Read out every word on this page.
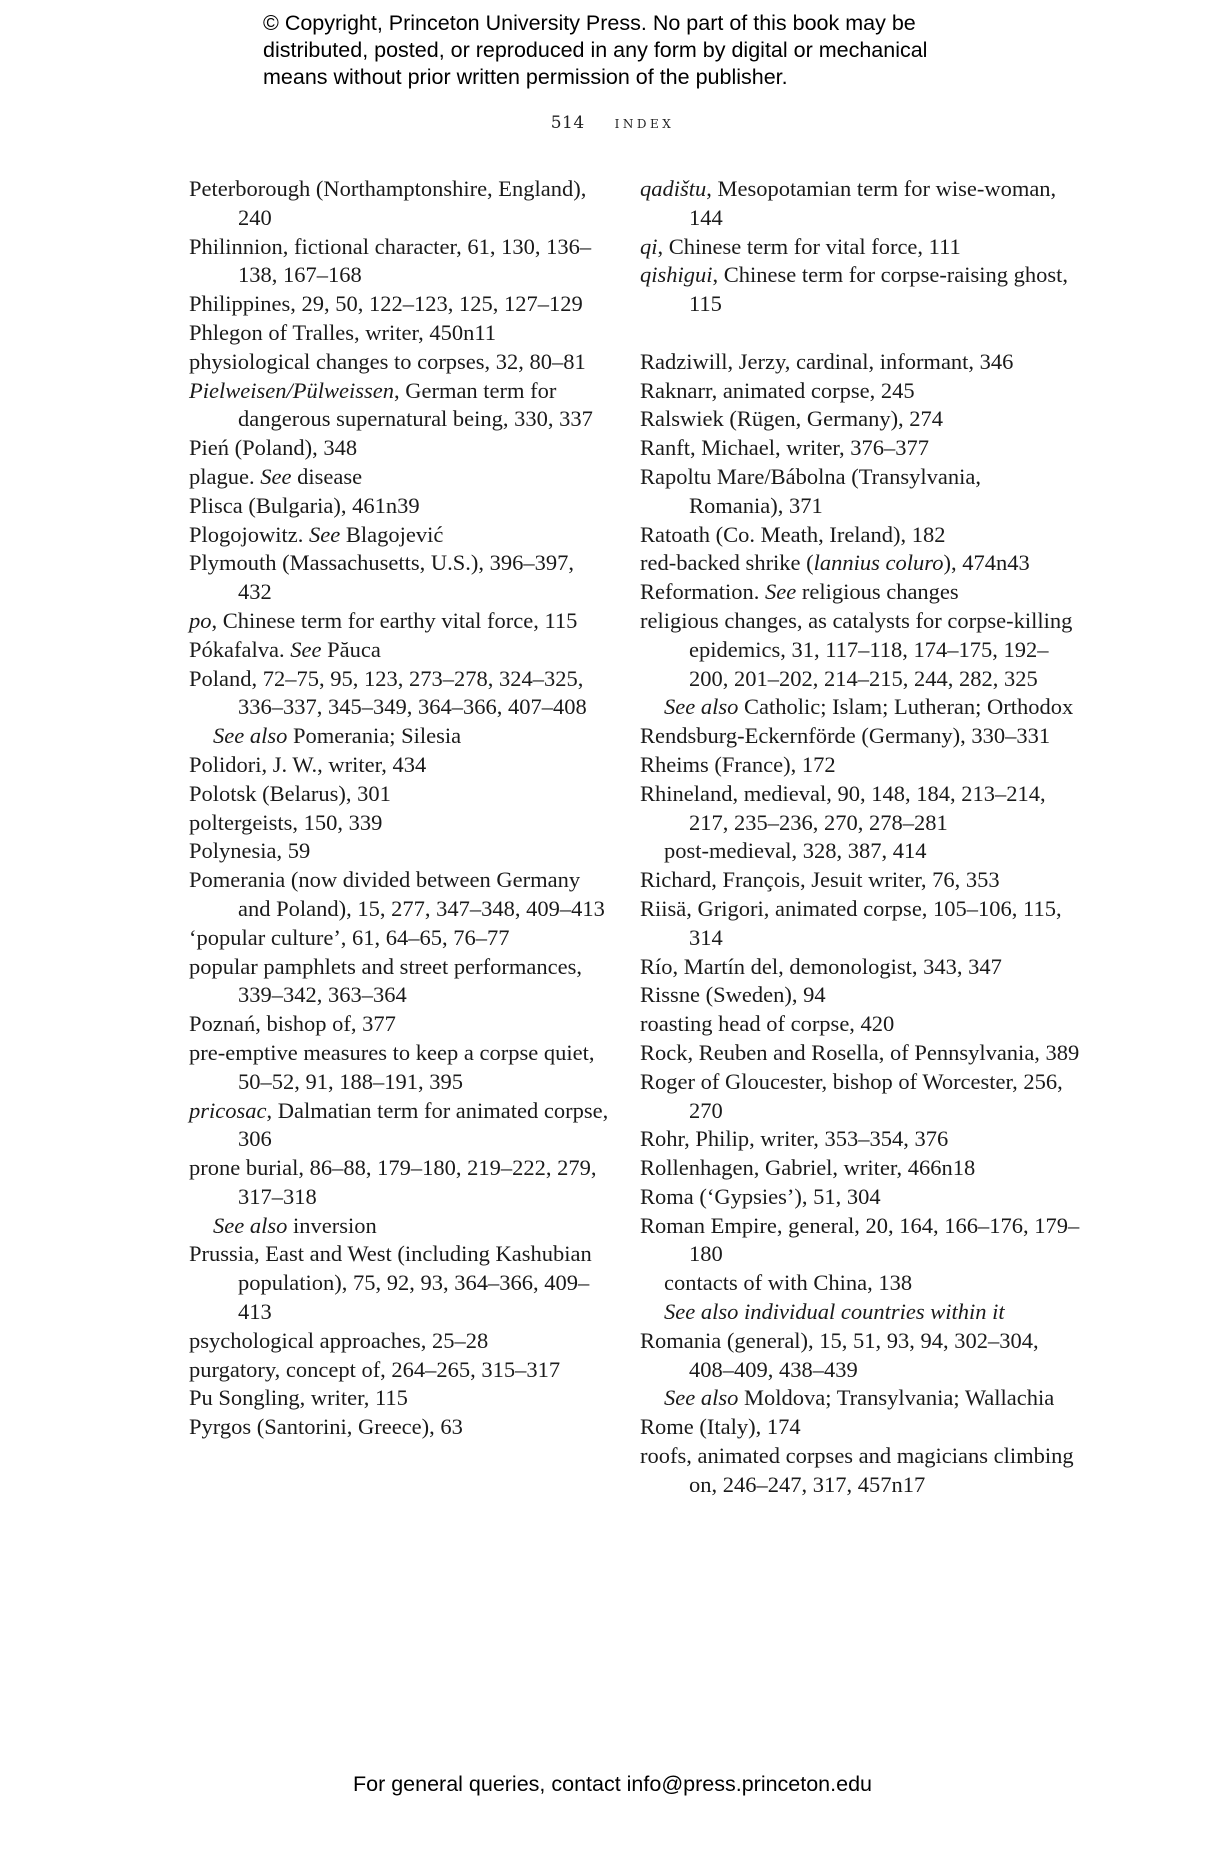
© Copyright, Princeton University Press. No part of this book may be
distributed, posted, or reproduced in any form by digital or mechanical
means without prior written permission of the publisher.
514 index
Peterborough (Northamptonshire, England), 240
Philinnion, fictional character, 61, 130, 136–138, 167–168
Philippines, 29, 50, 122–123, 125, 127–129
Phlegon of Tralles, writer, 450n11
physiological changes to corpses, 32, 80–81
Pielweisen/Pülweissen, German term for dangerous supernatural being, 330, 337
Pień (Poland), 348
plague. See disease
Plisca (Bulgaria), 461n39
Plogojowitz. See Blagojević
Plymouth (Massachusetts, U.S.), 396–397, 432
po, Chinese term for earthy vital force, 115
Pókafalva. See Păuca
Poland, 72–75, 95, 123, 273–278, 324–325, 336–337, 345–349, 364–366, 407–408
See also Pomerania; Silesia
Polidori, J. W., writer, 434
Polotsk (Belarus), 301
poltergeists, 150, 339
Polynesia, 59
Pomerania (now divided between Germany and Poland), 15, 277, 347–348, 409–413
‘popular culture’, 61, 64–65, 76–77
popular pamphlets and street performances, 339–342, 363–364
Poznań, bishop of, 377
pre-emptive measures to keep a corpse quiet, 50–52, 91, 188–191, 395
pricosac, Dalmatian term for animated corpse, 306
prone burial, 86–88, 179–180, 219–222, 279, 317–318
See also inversion
Prussia, East and West (including Kashubian population), 75, 92, 93, 364–366, 409–413
psychological approaches, 25–28
purgatory, concept of, 264–265, 315–317
Pu Songling, writer, 115
Pyrgos (Santorini, Greece), 63
qadištu, Mesopotamian term for wise-woman, 144
qi, Chinese term for vital force, 111
qishigui, Chinese term for corpse-raising ghost, 115
Radziwill, Jerzy, cardinal, informant, 346
Raknarr, animated corpse, 245
Ralswiek (Rügen, Germany), 274
Ranft, Michael, writer, 376–377
Rapoltu Mare/Bábolna (Transylvania, Romania), 371
Ratoath (Co. Meath, Ireland), 182
red-backed shrike (lannius coluro), 474n43
Reformation. See religious changes
religious changes, as catalysts for corpse-killing epidemics, 31, 117–118, 174–175, 192–200, 201–202, 214–215, 244, 282, 325
See also Catholic; Islam; Lutheran; Orthodox
Rendsburg-Eckernförde (Germany), 330–331
Rheims (France), 172
Rhineland, medieval, 90, 148, 184, 213–214, 217, 235–236, 270, 278–281
post-medieval, 328, 387, 414
Richard, François, Jesuit writer, 76, 353
Riisä, Grigori, animated corpse, 105–106, 115, 314
Río, Martín del, demonologist, 343, 347
Rissne (Sweden), 94
roasting head of corpse, 420
Rock, Reuben and Rosella, of Pennsylvania, 389
Roger of Gloucester, bishop of Worcester, 256, 270
Rohr, Philip, writer, 353–354, 376
Rollenhagen, Gabriel, writer, 466n18
Roma (‘Gypsies’), 51, 304
Roman Empire, general, 20, 164, 166–176, 179–180
contacts of with China, 138
See also individual countries within it
Romania (general), 15, 51, 93, 94, 302–304, 408–409, 438–439
See also Moldova; Transylvania; Wallachia
Rome (Italy), 174
roofs, animated corpses and magicians climbing on, 246–247, 317, 457n17
For general queries, contact info@press.princeton.edu
